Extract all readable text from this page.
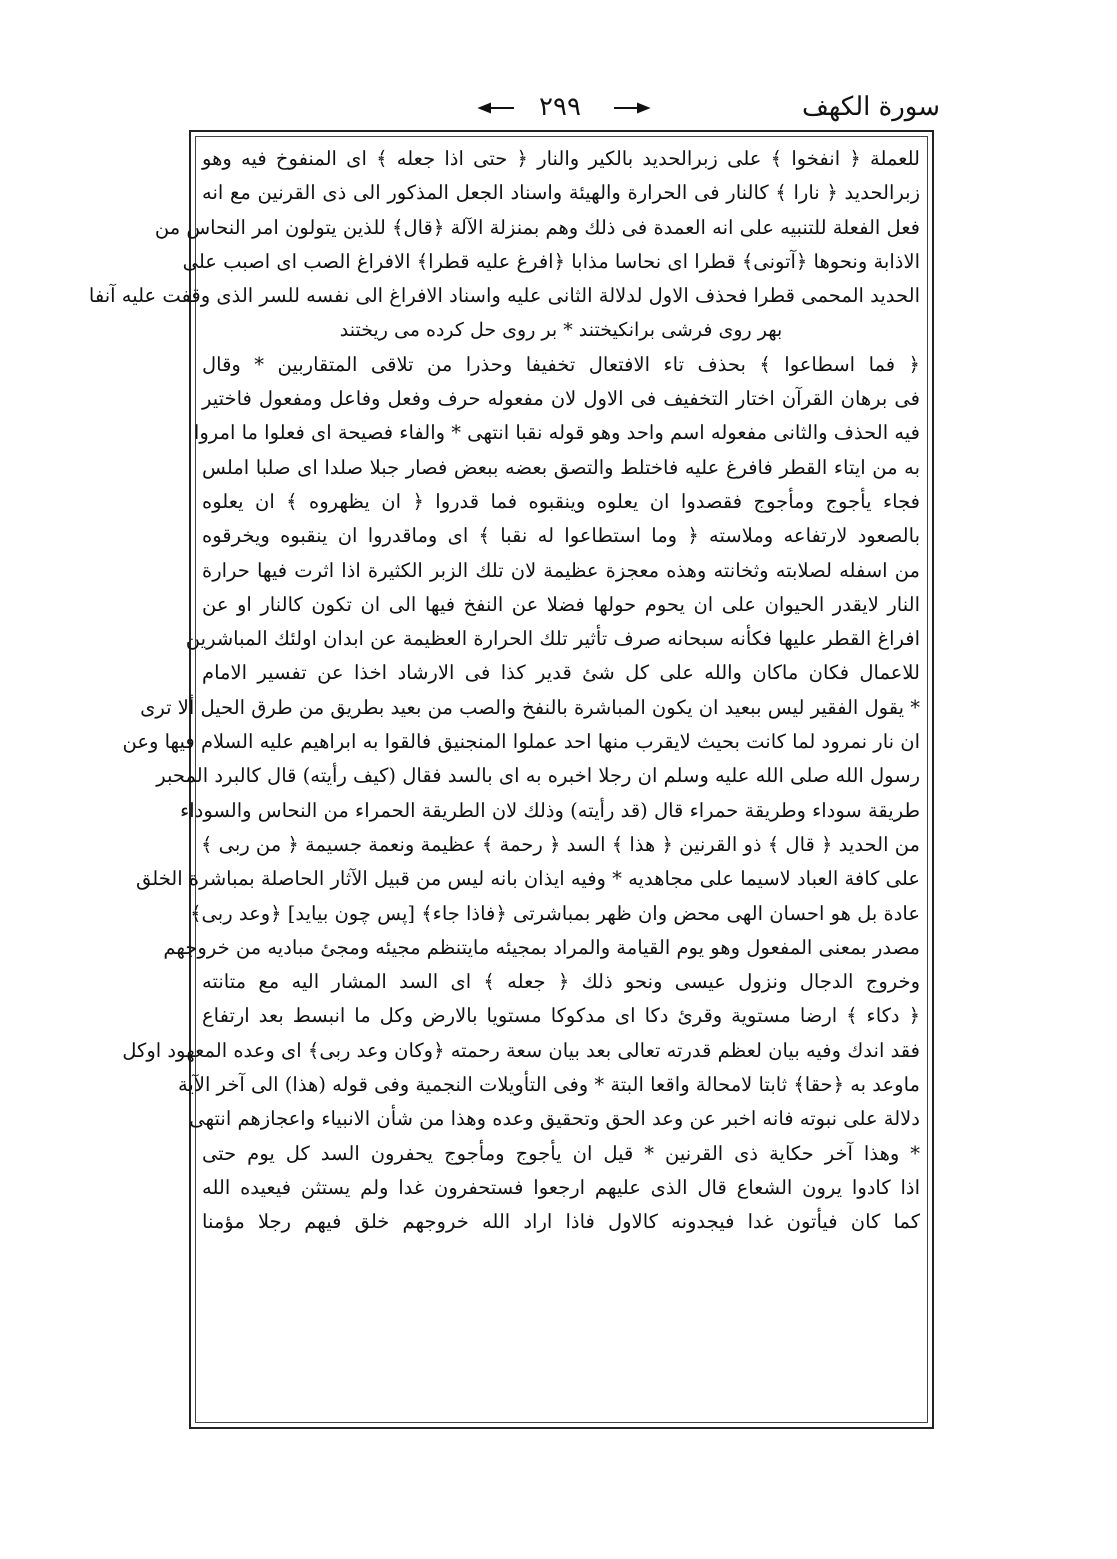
سورة الكهف
٢٩٩
للعملة ﴿ انفخوا ﴾ على زبرالحديد بالكير والنار ﴿ حتى اذا جعله ﴾ اى المنفوخ فيه وهو
زبرالحديد ﴿ نارا ﴾ كالنار فى الحرارة والهيئة واسناد الجعل المذكور الى ذى القرنين مع انه
فعل الفعلة للتنبيه على انه العمدة فى ذلك وهم بمنزلة الآلة ﴿قال﴾ للذين يتولون امر النحاس من
الاذابة ونحوها ﴿آتونى﴾ قطرا اى نحاسا مذابا ﴿افرغ عليه قطرا﴾ الافراغ الصب اى اصبب على
الحديد المحمى قطرا فحذف الاول لدلالة الثانى عليه واسناد الافراغ الى نفسه للسر الذى وقفت عليه آنفا
بهر روى فرشى برانكيختند * بر روى حل كرده مى ريختند
﴿ فما اسطاعوا ﴾ بحذف تاء الافتعال تخفيفا وحذرا من تلاقى المتقاربين * وقال
فى برهان القرآن اختار التخفيف فى الاول لان مفعوله حرف وفعل وفاعل ومفعول فاختير
فيه الحذف والثانى مفعوله اسم واحد وهو قوله نقبا انتهى * والفاء فصيحة اى فعلوا ما امروا
به من ايتاء القطر فافرغ عليه فاختلط والتصق بعضه ببعض فصار جبلا صلدا اى صلبا املس
فجاء يأجوج ومأجوج فقصدوا ان يعلوه وينقبوه فما قدروا ﴿ ان يظهروه ﴾ ان يعلوه
بالصعود لارتفاعه وملاسته ﴿ وما استطاعوا له نقبا ﴾ اى وماقدروا ان ينقبوه ويخرقوه
من اسفله لصلابته وثخانته وهذه معجزة عظيمة لان تلك الزبر الكثيرة اذا اثرت فيها حرارة
النار لايقدر الحيوان على ان يحوم حولها فضلا عن النفخ فيها الى ان تكون كالنار او عن
افراغ القطر عليها فكأنه سبحانه صرف تأثير تلك الحرارة العظيمة عن ابدان اولئك المباشرين
للاعمال فكان ماكان والله على كل شئ قدير كذا فى الارشاد اخذا عن تفسير الامام
* يقول الفقير ليس ببعيد ان يكون المباشرة بالنفخ والصب من بعيد بطريق من طرق الحيل ألا ترى
ان نار نمرود لما كانت بحيث لايقرب منها احد عملوا المنجنيق فالقوا به ابراهيم عليه السلام فيها وعن
رسول الله صلى الله عليه وسلم ان رجلا اخبره به اى بالسد فقال (كيف رأيته) قال كالبرد المحبر
طريقة سوداء وطريقة حمراء قال (قد رأيته) وذلك لان الطريقة الحمراء من النحاس والسوداء
من الحديد ﴿ قال ﴾ ذو القرنين ﴿ هذا ﴾ السد ﴿ رحمة ﴾ عظيمة ونعمة جسيمة ﴿ من ربى ﴾
على كافة العباد لاسيما على مجاهديه * وفيه ايذان بانه ليس من قبيل الآثار الحاصلة بمباشرة الخلق
عادة بل هو احسان الهى محض وان ظهر بمباشرتى ﴿فاذا جاء﴾ [پس چون بيايد] ﴿وعد ربى﴾
مصدر بمعنى المفعول وهو يوم القيامة والمراد بمجيئه مايتنظم مجيئه ومجئ مباديه من خروجهم
وخروج الدجال ونزول عيسى ونحو ذلك ﴿ جعله ﴾ اى السد المشار اليه مع متانته
﴿ دكاء ﴾ ارضا مستوية وقرئ دكا اى مدكوكا مستويا بالارض وكل ما انبسط بعد ارتفاع
فقد اندك وفيه بيان لعظم قدرته تعالى بعد بيان سعة رحمته ﴿وكان وعد ربى﴾ اى وعده المعهود اوكل
ماوعد به ﴿حقا﴾ ثابتا لامحالة واقعا البتة * وفى التأويلات النجمية وفى قوله (هذا) الى آخر الآية
دلالة على نبوته فانه اخبر عن وعد الحق وتحقيق وعده وهذا من شأن الانبياء واعجازهم انتهى
* وهذا آخر حكاية ذى القرنين * قيل ان يأجوج ومأجوج يحفرون السد كل يوم حتى
اذا كادوا يرون الشعاع قال الذى عليهم ارجعوا فستحفرون غدا ولم يستثن فيعيده الله
كما كان فيأتون غدا فيجدونه كالاول فاذا اراد الله خروجهم خلق فيهم رجلا مؤمنا
